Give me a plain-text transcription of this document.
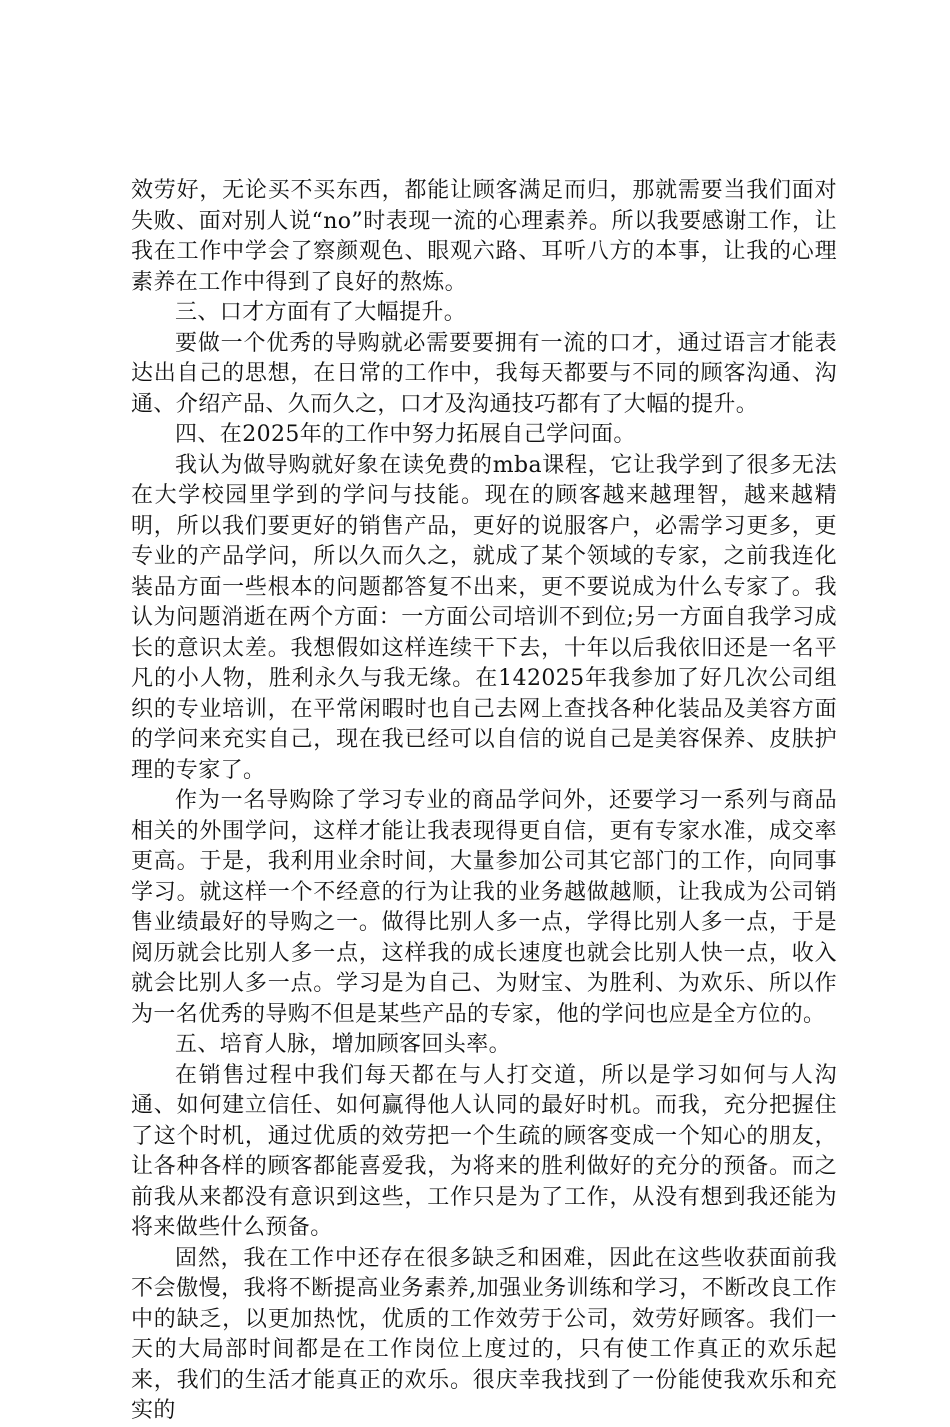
效劳好，无论买不买东西，都能让顾客满足而归，那就需要当我们面对失败、面对别人说“no”时表现一流的心理素养。所以我要感谢工作，让我在工作中学会了察颜观色、眼观六路、耳听八方的本事，让我的心理素养在工作中得到了良好的熬炼。

三、口才方面有了大幅提升。

要做一个优秀的导购就必需要要拥有一流的口才，通过语言才能表达出自己的思想，在日常的工作中，我每天都要与不同的顾客沟通、沟通、介绍产品、久而久之，口才及沟通技巧都有了大幅的提升。

四、在2025年的工作中努力拓展自己学问面。

我认为做导购就好象在读免费的mba课程，它让我学到了很多无法在大学校园里学到的学问与技能。现在的顾客越来越理智，越来越精明，所以我们要更好的销售产品，更好的说服客户，必需学习更多，更专业的产品学问，所以久而久之，就成了某个领域的专家，之前我连化装品方面一些根本的问题都答复不出来，更不要说成为什么专家了。我认为问题消逝在两个方面：一方面公司培训不到位;另一方面自我学习成长的意识太差。我想假如这样连续干下去，十年以后我依旧还是一名平凡的小人物，胜利永久与我无缘。在142025年我参加了好几次公司组织的专业培训，在平常闲暇时也自己去网上查找各种化装品及美容方面的学问来充实自己，现在我已经可以自信的说自己是美容保养、皮肤护理的专家了。

作为一名导购除了学习专业的商品学问外，还要学习一系列与商品相关的外围学问，这样才能让我表现得更自信，更有专家水准，成交率更高。于是，我利用业余时间，大量参加公司其它部门的工作，向同事学习。就这样一个不经意的行为让我的业务越做越顺，让我成为公司销售业绩最好的导购之一。做得比别人多一点，学得比别人多一点，于是阅历就会比别人多一点，这样我的成长速度也就会比别人快一点，收入就会比别人多一点。学习是为自己、为财宝、为胜利、为欢乐、所以作为一名优秀的导购不但是某些产品的专家，他的学问也应是全方位的。

五、培育人脉，增加顾客回头率。

在销售过程中我们每天都在与人打交道，所以是学习如何与人沟通、如何建立信任、如何赢得他人认同的最好时机。而我，充分把握住了这个时机，通过优质的效劳把一个生疏的顾客变成一个知心的朋友，让各种各样的顾客都能喜爱我，为将来的胜利做好的充分的预备。而之前我从来都没有意识到这些，工作只是为了工作，从没有想到我还能为将来做些什么预备。

固然，我在工作中还存在很多缺乏和困难，因此在这些收获面前我不会傲慢，我将不断提高业务素养,加强业务训练和学习，不断改良工作中的缺乏，以更加热忱，优质的工作效劳于公司，效劳好顾客。我们一天的大局部时间都是在工作岗位上度过的，只有使工作真正的欢乐起来，我们的生活才能真正的欢乐。很庆幸我找到了一份能使我欢乐和充实的
